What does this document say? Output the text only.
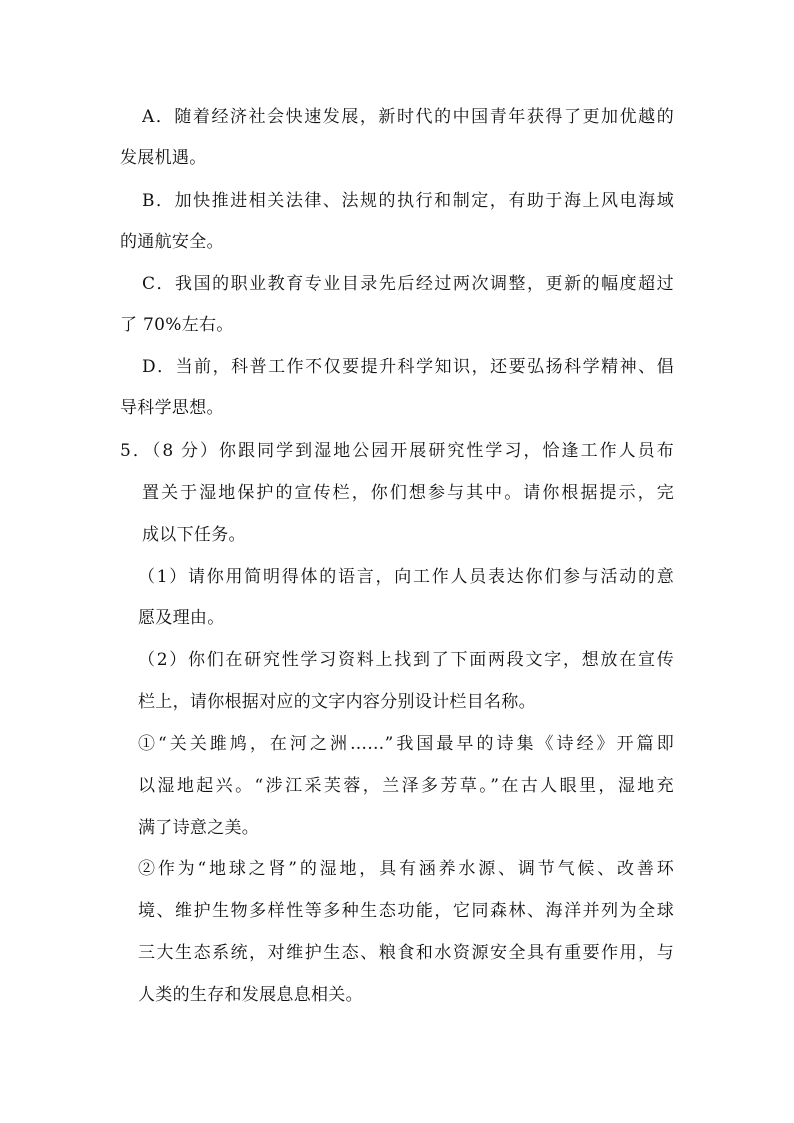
A．随着经济社会快速发展，新时代的中国青年获得了更加优越的
发展机遇。
B．加快推进相关法律、法规的执行和制定，有助于海上风电海域
的通航安全。
C．我国的职业教育专业目录先后经过两次调整，更新的幅度超过
了 70%左右。
D．当前，科普工作不仅要提升科学知识，还要弘扬科学精神、倡
导科学思想。
5．（8 分）你跟同学到湿地公园开展研究性学习，恰逢工作人员布
置关于湿地保护的宣传栏，你们想参与其中。请你根据提示，完
成以下任务。
（1）请你用简明得体的语言，向工作人员表达你们参与活动的意
愿及理由。
（2）你们在研究性学习资料上找到了下面两段文字，想放在宣传
栏上，请你根据对应的文字内容分别设计栏目名称。
①“关关雎鸠，在河之洲……”我国最早的诗集《诗经》开篇即
以湿地起兴。“涉江采芙蓉，兰泽多芳草。”在古人眼里，湿地充
满了诗意之美。
②作为“地球之肾”的湿地，具有涵养水源、调节气候、改善环
境、维护生物多样性等多种生态功能，它同森林、海洋并列为全球
三大生态系统，对维护生态、粮食和水资源安全具有重要作用，与
人类的生存和发展息息相关。
